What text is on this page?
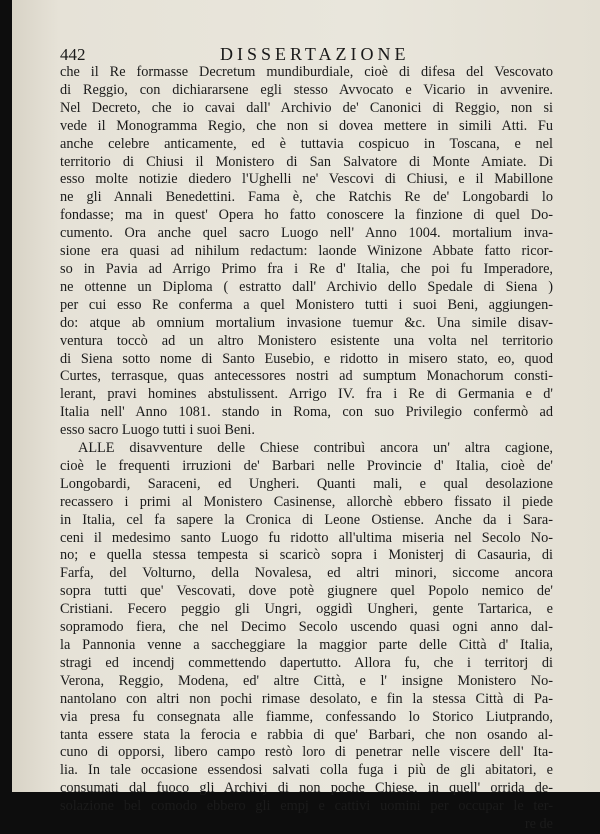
442	DISSERTAZIONE
che il Re formasse Decretum mundiburdiale, cioè di difesa del Vescovato
di Reggio, con dichiararsene egli stesso Avvocato e Vicario in avvenire.
Nel Decreto, che io cavai dall' Archivio de' Canonici di Reggio, non si
vede il Monogramma Regio, che non si dovea mettere in simili Atti. Fu
anche celebre anticamente, ed è tuttavia cospicuo in Toscana, e nel
territorio di Chiusi il Monistero di San Salvatore di Monte Amiate. Di
esso molte notizie diedero l'Ughelli ne' Vescovi di Chiusi, e il Mabillone
ne gli Annali Benedettini. Fama è, che Ratchis Re de' Longobardi lo
fondasse; ma in quest' Opera ho fatto conoscere la finzione di quel Do-
cumento. Ora anche quel sacro Luogo nell' Anno 1004. mortalium inva-
sione era quasi ad nihilum redactum: laonde Winizone Abbate fatto ricor-
so in Pavia ad Arrigo Primo fra i Re d' Italia, che poi fu Imperadore,
ne ottenne un Diploma ( estratto dall' Archivio dello Spedale di Siena )
per cui esso Re conferma a quel Monistero tutti i suoi Beni, aggiungen-
do: atque ab omnium mortalium invasione tuemur &c. Una simile disav-
ventura toccò ad un altro Monistero esistente una volta nel territorio
di Siena sotto nome di Santo Eusebio, e ridotto in misero stato, eo, quod
Curtes, terrasque, quas antecessores nostri ad sumptum Monachorum consti-
lerant, pravi homines abstulissent. Arrigo IV. fra i Re di Germania e d'
Italia nell' Anno 1081. stando in Roma, con suo Privilegio confermò ad
esso sacro Luogo tutti i suoi Beni.
ALLE disavventure delle Chiese contribuì ancora un' altra cagione,
cioè le frequenti irruzioni de' Barbari nelle Provincie d' Italia, cioè de'
Longobardi, Saraceni, ed Ungheri. Quanti mali, e qual desolazione
recassero i primi al Monistero Casinense, allorchè ebbero fissato il piede
in Italia, cel fa sapere la Cronica di Leone Ostiense. Anche da i Sara-
ceni il medesimo santo Luogo fu ridotto all'ultima miseria nel Secolo No-
no; e quella stessa tempesta si scaricò sopra i Monisterj di Casauria, di
Farfa, del Volturno, della Novalesa, ed altri minori, siccome ancora
sopra tutti que' Vescovati, dove potè giugnere quel Popolo nemico de'
Cristiani. Fecero peggio gli Ungri, oggidì Ungheri, gente Tartarica, e
sopramodo fiera, che nel Decimo Secolo uscendo quasi ogni anno dal-
la Pannonia venne a saccheggiare la maggior parte delle Città d' Italia,
stragi ed incendj commettendo dapertutto. Allora fu, che i territorj di
Verona, Reggio, Modena, ed' altre Città, e l' insigne Monistero No-
nantolano con altri non pochi rimase desolato, e fin la stessa Città di Pa-
via presa fu consegnata alle fiamme, confessando lo Storico Liutprando,
tanta essere stata la ferocia e rabbia di que' Barbari, che non osando al-
cuno di opporsi, libero campo restò loro di penetrar nelle viscere dell' Ita-
lia. In tale occasione essendosi salvati colla fuga i più de gli abitatori, e
consumati dal fuoco gli Archivj di non poche Chiese, in quell' orrida de-
solazione bel comodo ebbero gli empj e cattivi uomini per occupar le ter-
re de
